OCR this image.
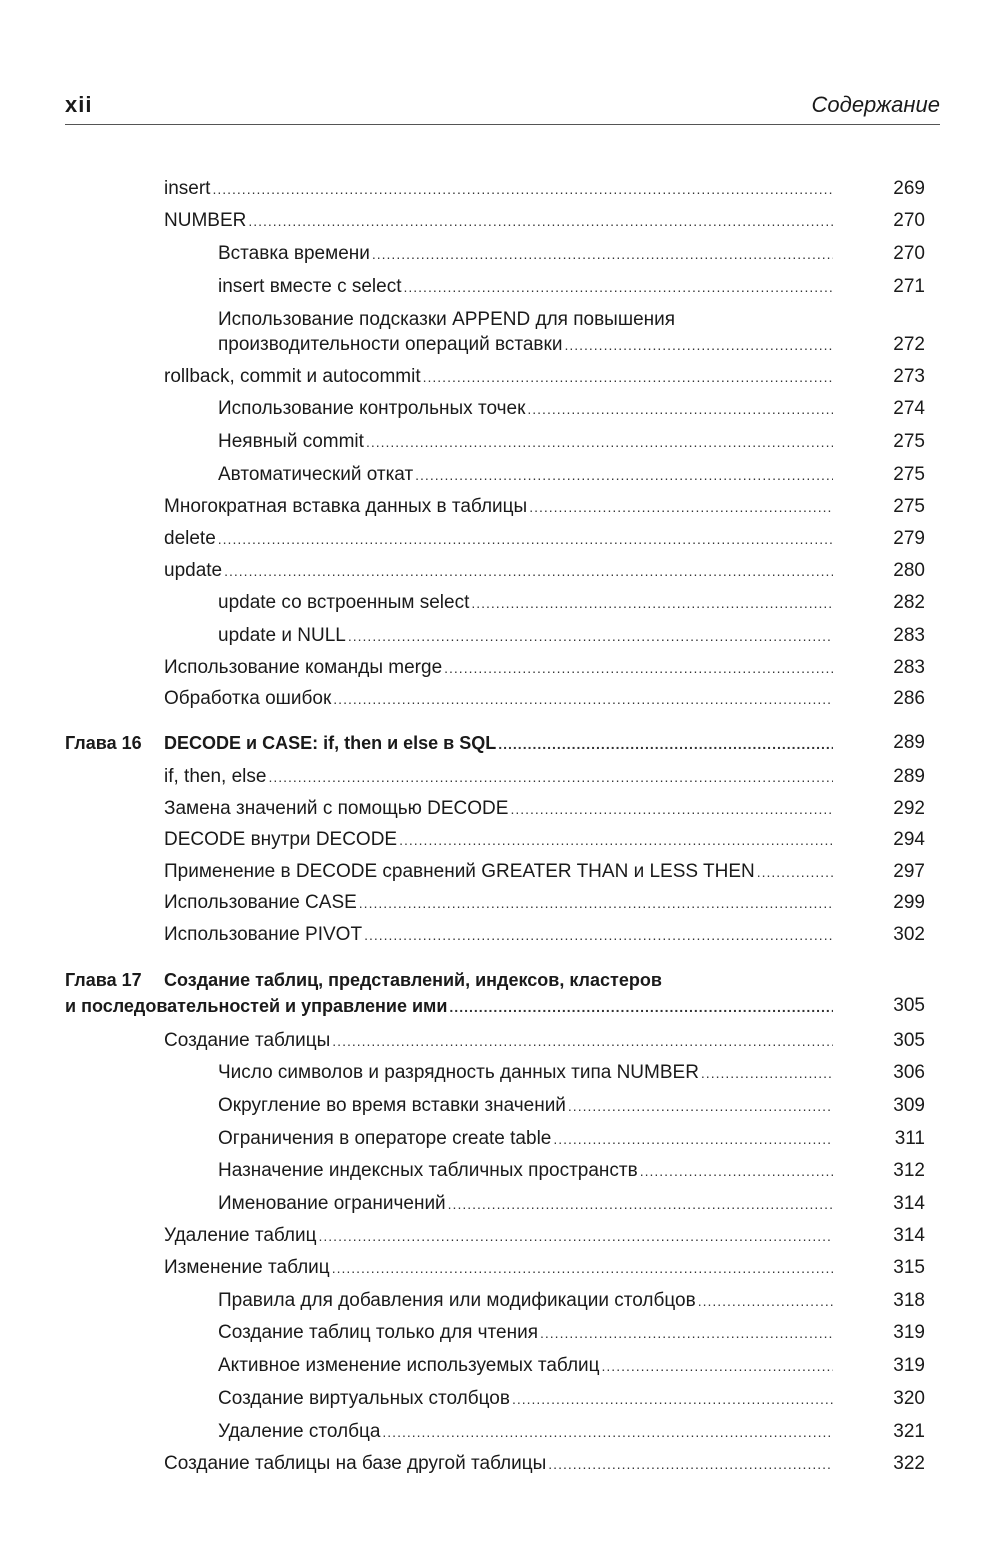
xii	Содержание
insert .....	269
NUMBER .....	270
Вставка времени .....	270
insert вместе с select .....	271
Использование подсказки APPEND для повышения
производительности операций вставки .....	272
rollback, commit и autocommit .....	273
Использование контрольных точек .....	274
Неявный commit .....	275
Автоматический откат .....	275
Многократная вставка данных в таблицы .....	275
delete .....	279
update .....	280
update со встроенным select .....	282
update и NULL .....	283
Использование команды merge .....	283
Обработка ошибок .....	286
Глава 16 DECODE и CASE: if, then и else в SQL .....	289
if, then, else .....	289
Замена значений с помощью DECODE .....	292
DECODE внутри DECODE .....	294
Применение в DECODE сравнений GREATER THAN и LESS THEN .....	297
Использование CASE .....	299
Использование PIVOT .....	302
Глава 17 Создание таблиц, представлений, индексов, кластеров
и последовательностей и управление ими .....	305
Создание таблицы .....	305
Число символов и разрядность данных типа NUMBER .....	306
Округление во время вставки значений .....	309
Ограничения в операторе create table .....	311
Назначение индексных табличных пространств .....	312
Именование ограничений .....	314
Удаление таблиц .....	314
Изменение таблиц .....	315
Правила для добавления или модификации столбцов .....	318
Создание таблиц только для чтения .....	319
Активное изменение используемых таблиц .....	319
Создание виртуальных столбцов .....	320
Удаление столбца .....	321
Создание таблицы на базе другой таблицы .....	322
